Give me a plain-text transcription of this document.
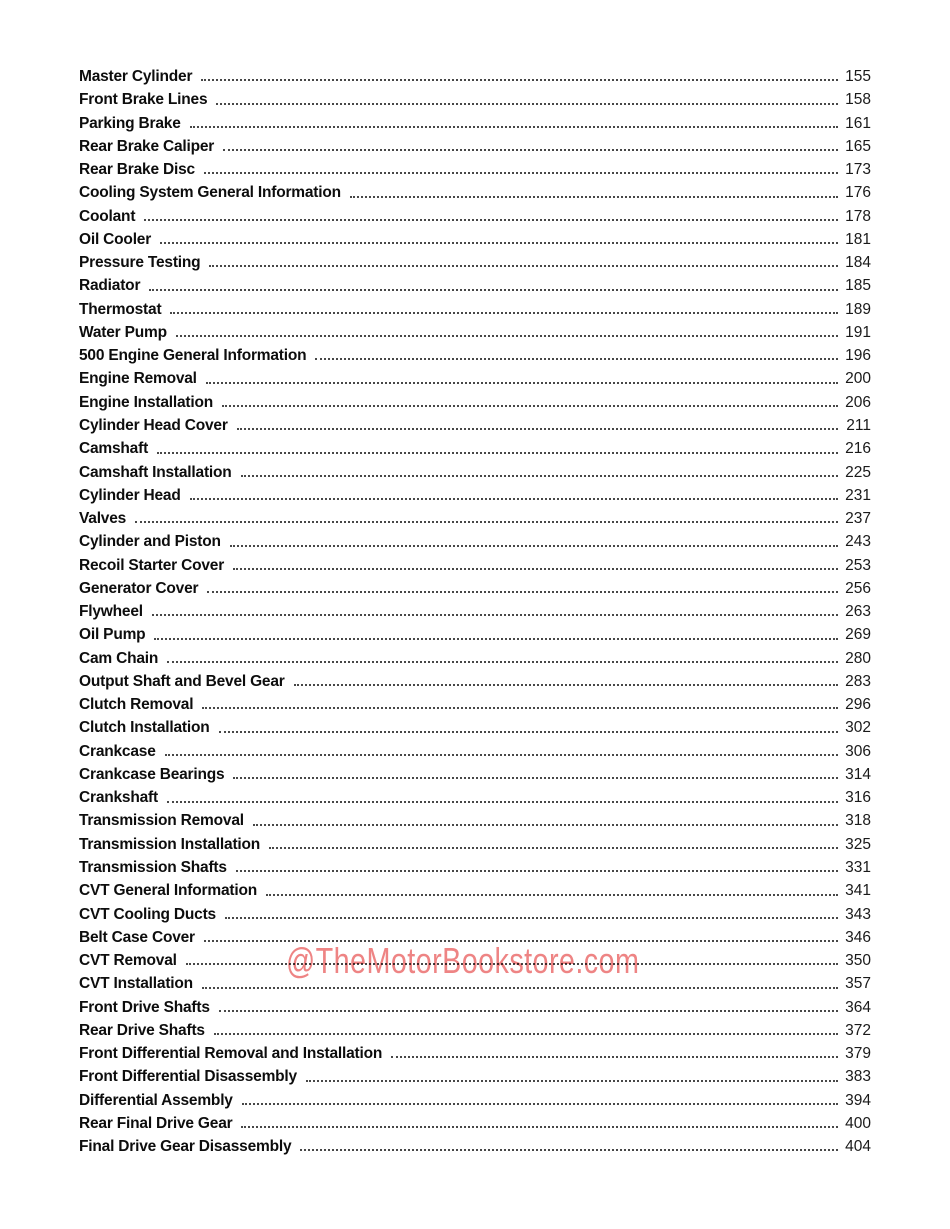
Master Cylinder	155
Front Brake Lines	158
Parking Brake	161
Rear Brake Caliper	165
Rear Brake Disc	173
Cooling System General Information	176
Coolant	178
Oil Cooler	181
Pressure Testing	184
Radiator	185
Thermostat	189
Water Pump	191
500 Engine General Information	196
Engine Removal	200
Engine Installation	206
Cylinder Head Cover	211
Camshaft	216
Camshaft Installation	225
Cylinder Head	231
Valves	237
Cylinder and Piston	243
Recoil Starter Cover	253
Generator Cover	256
Flywheel	263
Oil Pump	269
Cam Chain	280
Output Shaft and Bevel Gear	283
Clutch Removal	296
Clutch Installation	302
Crankcase	306
Crankcase Bearings	314
Crankshaft	316
Transmission Removal	318
Transmission Installation	325
Transmission Shafts	331
CVT General Information	341
CVT Cooling Ducts	343
Belt Case Cover	346
CVT Removal	350
CVT Installation	357
Front Drive Shafts	364
Rear Drive Shafts	372
Front Differential Removal and Installation	379
Front Differential Disassembly	383
Differential Assembly	394
Rear Final Drive Gear	400
Final Drive Gear Disassembly	404
@TheMotorBookstore.com
